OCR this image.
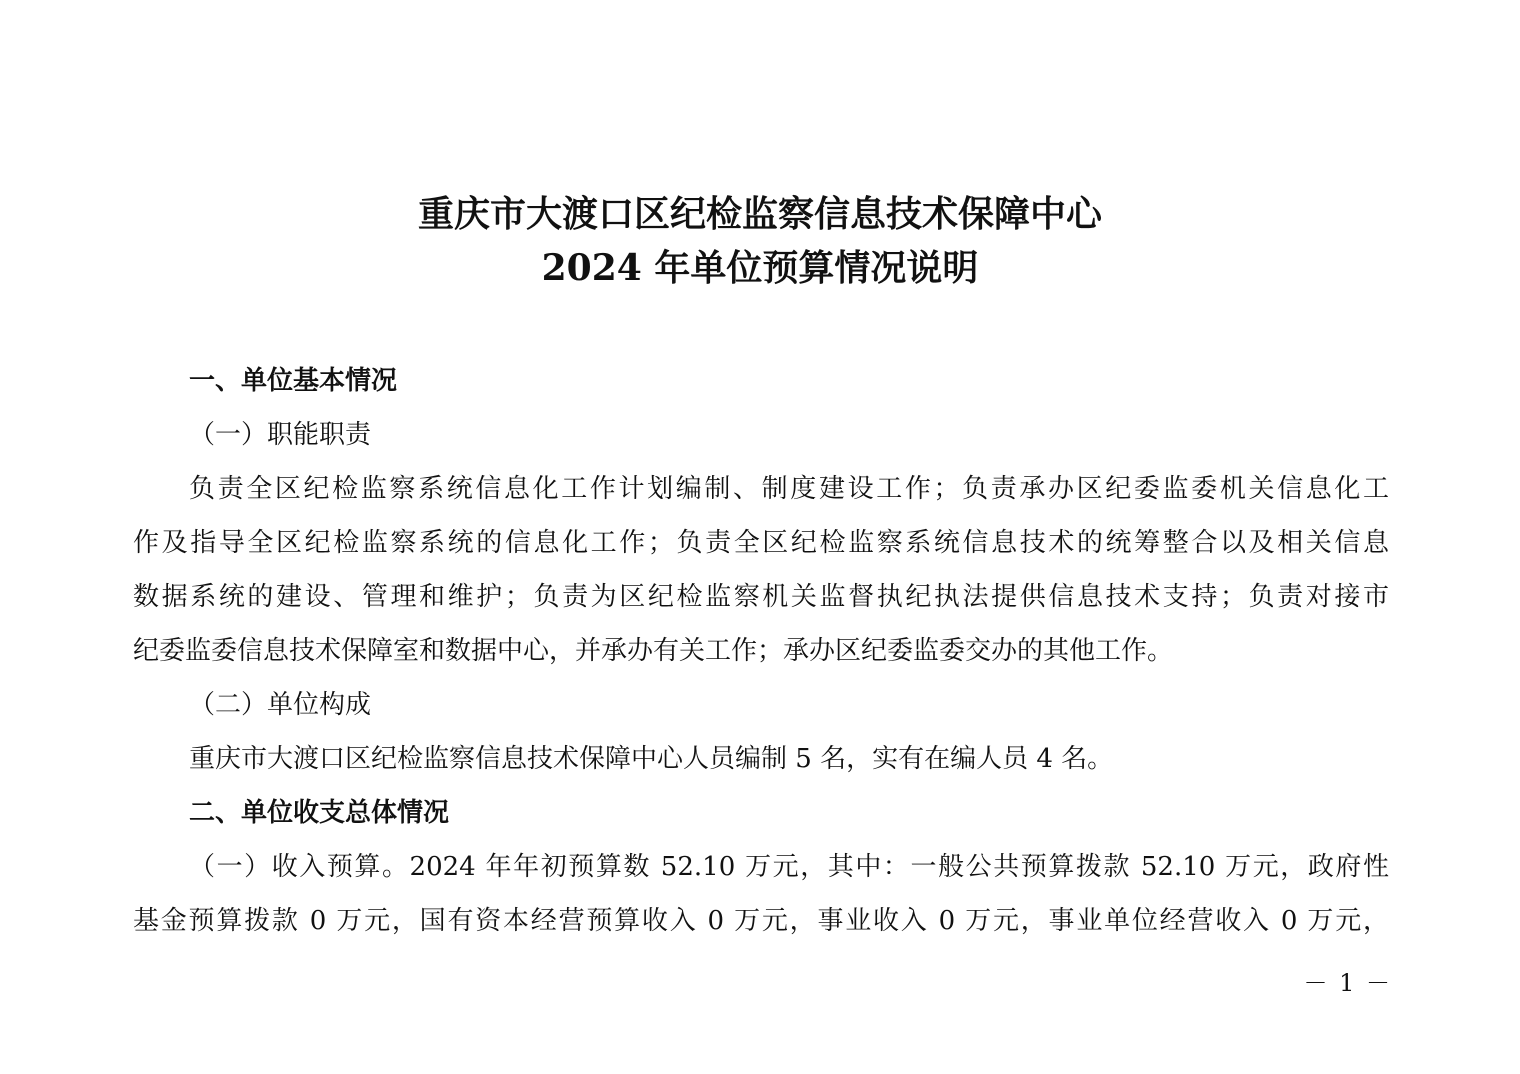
重庆市大渡口区纪检监察信息技术保障中心
2024 年单位预算情况说明

一、单位基本情况

（一）职能职责

负责全区纪检监察系统信息化工作计划编制、制度建设工作；负责承办区纪委监委机关信息化工

作及指导全区纪检监察系统的信息化工作；负责全区纪检监察系统信息技术的统筹整合以及相关信息

数据系统的建设、管理和维护；负责为区纪检监察机关监督执纪执法提供信息技术支持；负责对接市

纪委监委信息技术保障室和数据中心，并承办有关工作；承办区纪委监委交办的其他工作。

（二）单位构成

重庆市大渡口区纪检监察信息技术保障中心人员编制 5 名，实有在编人员 4 名。

二、单位收支总体情况

（一）收入预算。2024 年年初预算数 52.10 万元，其中：一般公共预算拨款 52.10 万元，政府性

基金预算拨款 0 万元，国有资本经营预算收入 0 万元，事业收入 0 万元，事业单位经营收入 0 万元，

－ 1 －
